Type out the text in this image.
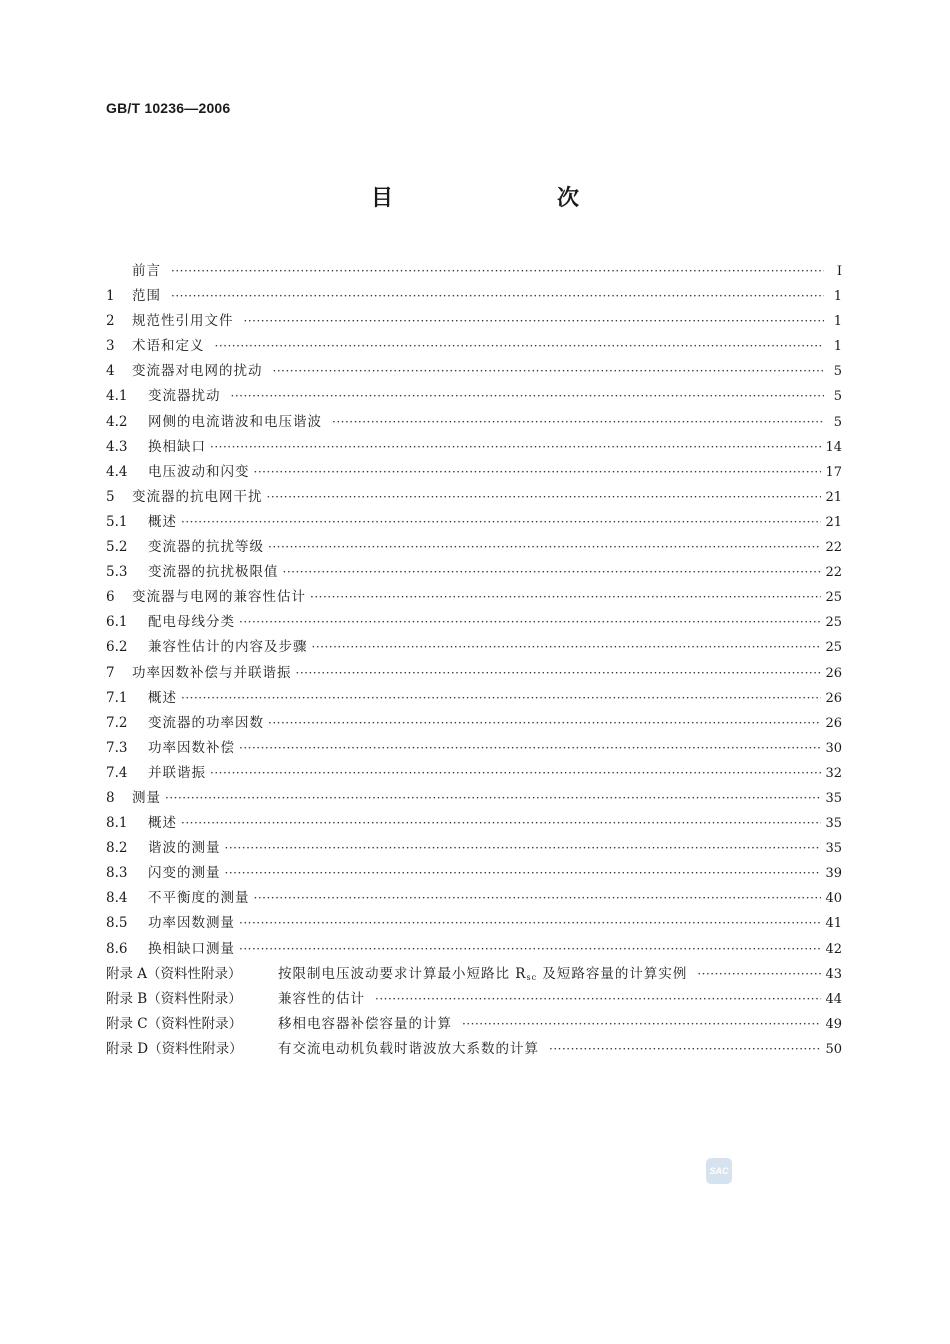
GB/T 10236—2006
目　　次
前言 ·····	Ⅰ
1	范围 ·····	1
2	规范性引用文件 ·····	1
3	术语和定义 ·····	1
4	变流器对电网的扰动 ·····	5
4.1	变流器扰动 ·····	5
4.2	网侧的电流谐波和电压谐波 ·····	5
4.3	换相缺口 ·····	14
4.4	电压波动和闪变 ·····	17
5	变流器的抗电网干扰 ·····	21
5.1	概述 ·····	21
5.2	变流器的抗扰等级 ·····	22
5.3	变流器的抗扰极限值 ·····	22
6	变流器与电网的兼容性估计 ·····	25
6.1	配电母线分类 ·····	25
6.2	兼容性估计的内容及步骤 ·····	25
7	功率因数补偿与并联谐振 ·····	26
7.1	概述 ·····	26
7.2	变流器的功率因数 ·····	26
7.3	功率因数补偿 ·····	30
7.4	并联谐振 ·····	32
8	测量 ·····	35
8.1	概述 ·····	35
8.2	谐波的测量 ·····	35
8.3	闪变的测量 ·····	39
8.4	不平衡度的测量 ·····	40
8.5	功率因数测量 ·····	41
8.6	换相缺口测量 ·····	42
附录 A（资料性附录）	按限制电压波动要求计算最小短路比 Rsc 及短路容量的计算实例 ·····	43
附录 B（资料性附录）	兼容性的估计 ·····	44
附录 C（资料性附录）	移相电容器补偿容量的计算 ·····	49
附录 D（资料性附录）	有交流电动机负载时谐波放大系数的计算 ·····	50
SAC
